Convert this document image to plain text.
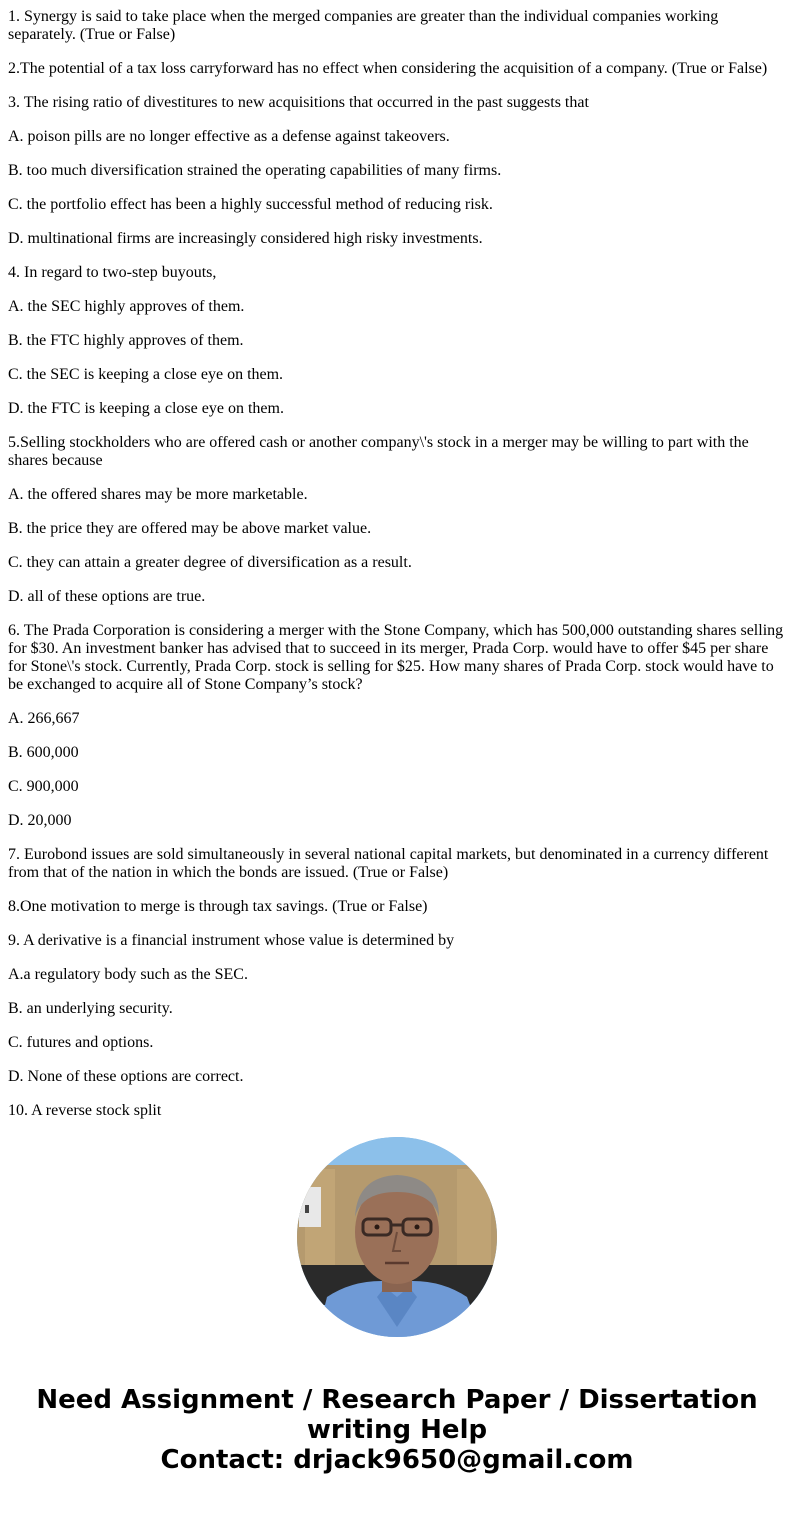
1. Synergy is said to take place when the merged companies are greater than the individual companies working separately. (True or False)

2.The potential of a tax loss carryforward has no effect when considering the acquisition of a company. (True or False)

3. The rising ratio of divestitures to new acquisitions that occurred in the past suggests that

A. poison pills are no longer effective as a defense against takeovers.

B. too much diversification strained the operating capabilities of many firms.

C. the portfolio effect has been a highly successful method of reducing risk.

D. multinational firms are increasingly considered high risky investments.

4. In regard to two-step buyouts,

A. the SEC highly approves of them.

B. the FTC highly approves of them.

C. the SEC is keeping a close eye on them.

D. the FTC is keeping a close eye on them.

5.Selling stockholders who are offered cash or another company\'s stock in a merger may be willing to part with the shares because

A. the offered shares may be more marketable.

B. the price they are offered may be above market value.

C. they can attain a greater degree of diversification as a result.

D. all of these options are true.

6. The Prada Corporation is considering a merger with the Stone Company, which has 500,000 outstanding shares selling for $30. An investment banker has advised that to succeed in its merger, Prada Corp. would have to offer $45 per share for Stone\'s stock. Currently, Prada Corp. stock is selling for $25. How many shares of Prada Corp. stock would have to be exchanged to acquire all of Stone Company’s stock?

A. 266,667

B. 600,000

C. 900,000

D. 20,000

7. Eurobond issues are sold simultaneously in several national capital markets, but denominated in a currency different from that of the nation in which the bonds are issued. (True or False)

8.One motivation to merge is through tax savings. (True or False)

9. A derivative is a financial instrument whose value is determined by

A.a regulatory body such as the SEC.

B. an underlying security.

C. futures and options.

D. None of these options are correct.

10. A reverse stock split

Need Assignment / Research Paper / Dissertation
writing Help
Contact: drjack9650@gmail.com
